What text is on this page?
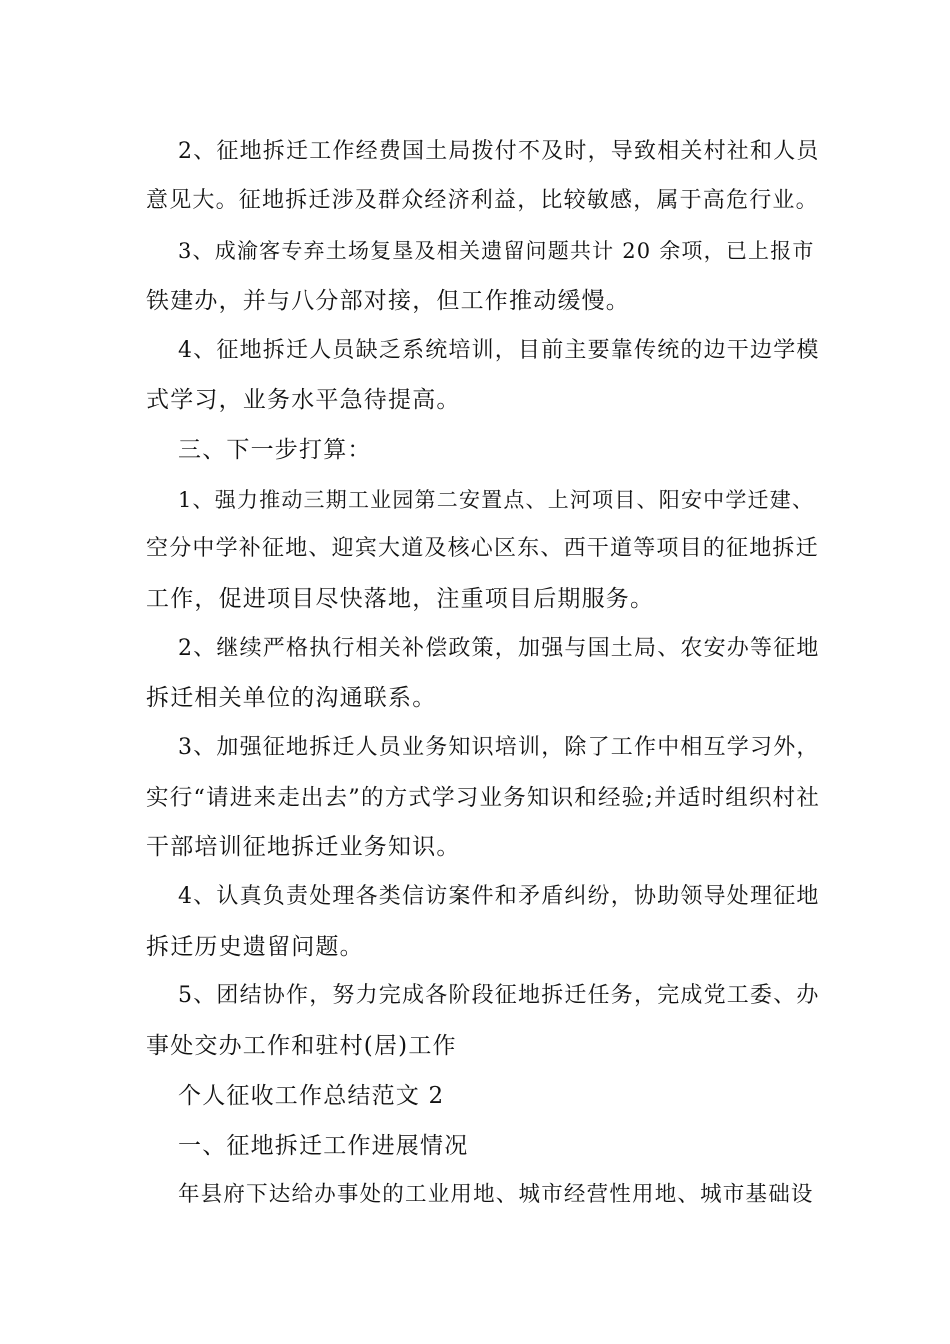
2、征地拆迁工作经费国土局拨付不及时，导致相关村社和人员
意见大。征地拆迁涉及群众经济利益，比较敏感，属于高危行业。
3、成渝客专弃土场复垦及相关遗留问题共计 20 余项，已上报市
铁建办，并与八分部对接，但工作推动缓慢。
4、征地拆迁人员缺乏系统培训，目前主要靠传统的边干边学模
式学习，业务水平急待提高。
三、下一步打算：
1、强力推动三期工业园第二安置点、上河项目、阳安中学迁建、
空分中学补征地、迎宾大道及核心区东、西干道等项目的征地拆迁
工作，促进项目尽快落地，注重项目后期服务。
2、继续严格执行相关补偿政策，加强与国土局、农安办等征地
拆迁相关单位的沟通联系。
3、加强征地拆迁人员业务知识培训，除了工作中相互学习外，
实行“请进来走出去”的方式学习业务知识和经验;并适时组织村社
干部培训征地拆迁业务知识。
4、认真负责处理各类信访案件和矛盾纠纷，协助领导处理征地
拆迁历史遗留问题。
5、团结协作，努力完成各阶段征地拆迁任务，完成党工委、办
事处交办工作和驻村(居)工作
个人征收工作总结范文 2
一、征地拆迁工作进展情况
年县府下达给办事处的工业用地、城市经营性用地、城市基础设
